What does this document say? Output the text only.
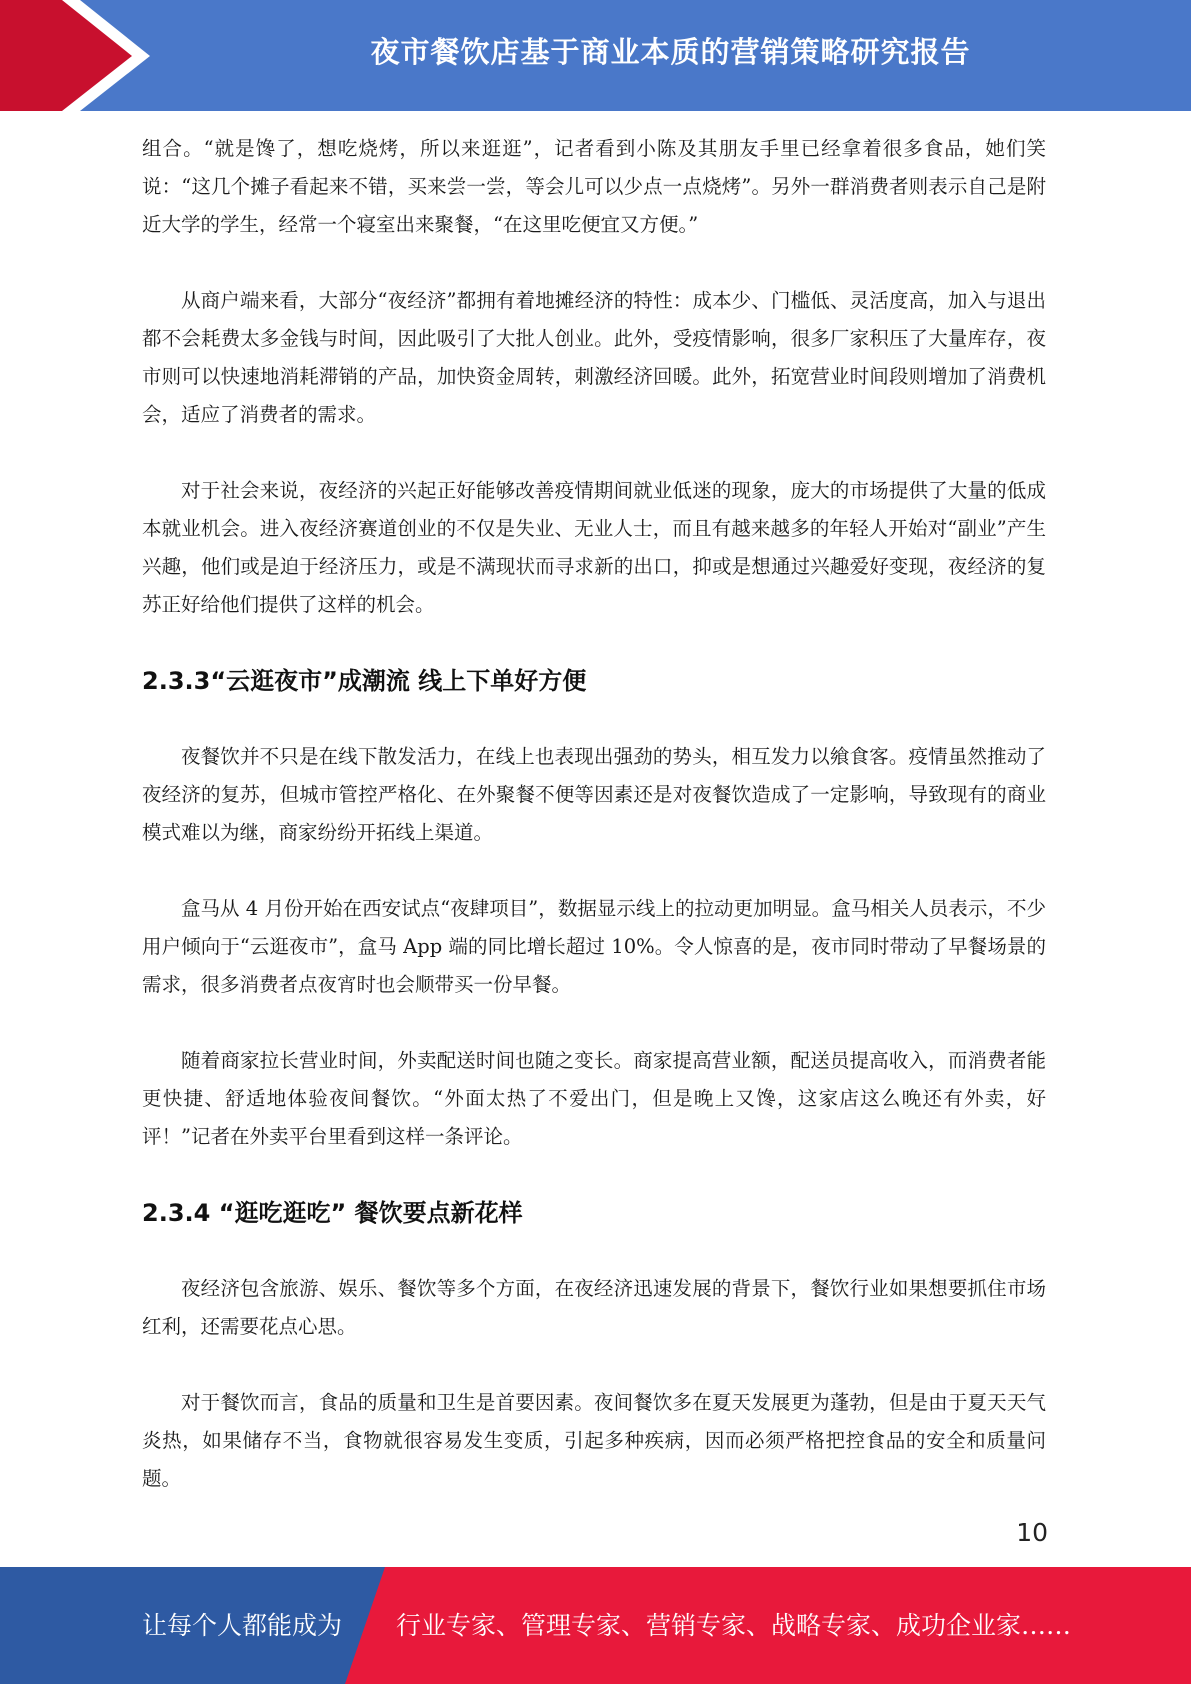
夜市餐饮店基于商业本质的营销策略研究报告

组合。“就是馋了，想吃烧烤，所以来逛逛”，记者看到小陈及其朋友手里已经拿着很多食品，她们笑说：“这几个摊子看起来不错，买来尝一尝，等会儿可以少点一点烧烤”。另外一群消费者则表示自己是附近大学的学生，经常一个寝室出来聚餐，“在这里吃便宜又方便。”

从商户端来看，大部分“夜经济”都拥有着地摊经济的特性：成本少、门槛低、灵活度高，加入与退出都不会耗费太多金钱与时间，因此吸引了大批人创业。此外，受疫情影响，很多厂家积压了大量库存，夜市则可以快速地消耗滞销的产品，加快资金周转，刺激经济回暖。此外，拓宽营业时间段则增加了消费机会，适应了消费者的需求。

对于社会来说，夜经济的兴起正好能够改善疫情期间就业低迷的现象，庞大的市场提供了大量的低成本就业机会。进入夜经济赛道创业的不仅是失业、无业人士，而且有越来越多的年轻人开始对“副业”产生兴趣，他们或是迫于经济压力，或是不满现状而寻求新的出口，抑或是想通过兴趣爱好变现，夜经济的复苏正好给他们提供了这样的机会。

2.3.3“云逛夜市”成潮流 线上下单好方便

夜餐饮并不只是在线下散发活力，在线上也表现出强劲的势头，相互发力以飨食客。疫情虽然推动了夜经济的复苏，但城市管控严格化、在外聚餐不便等因素还是对夜餐饮造成了一定影响，导致现有的商业模式难以为继，商家纷纷开拓线上渠道。

盒马从 4 月份开始在西安试点“夜肆项目”，数据显示线上的拉动更加明显。盒马相关人员表示，不少用户倾向于“云逛夜市”，盒马 App 端的同比增长超过 10%。令人惊喜的是，夜市同时带动了早餐场景的需求，很多消费者点夜宵时也会顺带买一份早餐。

随着商家拉长营业时间，外卖配送时间也随之变长。商家提高营业额，配送员提高收入，而消费者能更快捷、舒适地体验夜间餐饮。“外面太热了不爱出门，但是晚上又馋，这家店这么晚还有外卖，好评！”记者在外卖平台里看到这样一条评论。

2.3.4 “逛吃逛吃” 餐饮要点新花样

夜经济包含旅游、娱乐、餐饮等多个方面，在夜经济迅速发展的背景下，餐饮行业如果想要抓住市场红利，还需要花点心思。

对于餐饮而言，食品的质量和卫生是首要因素。夜间餐饮多在夏天发展更为蓬勃，但是由于夏天天气炎热，如果储存不当，食物就很容易发生变质，引起多种疾病，因而必须严格把控食品的安全和质量问题。

10
让每个人都能成为 行业专家、管理专家、营销专家、战略专家、成功企业家……
